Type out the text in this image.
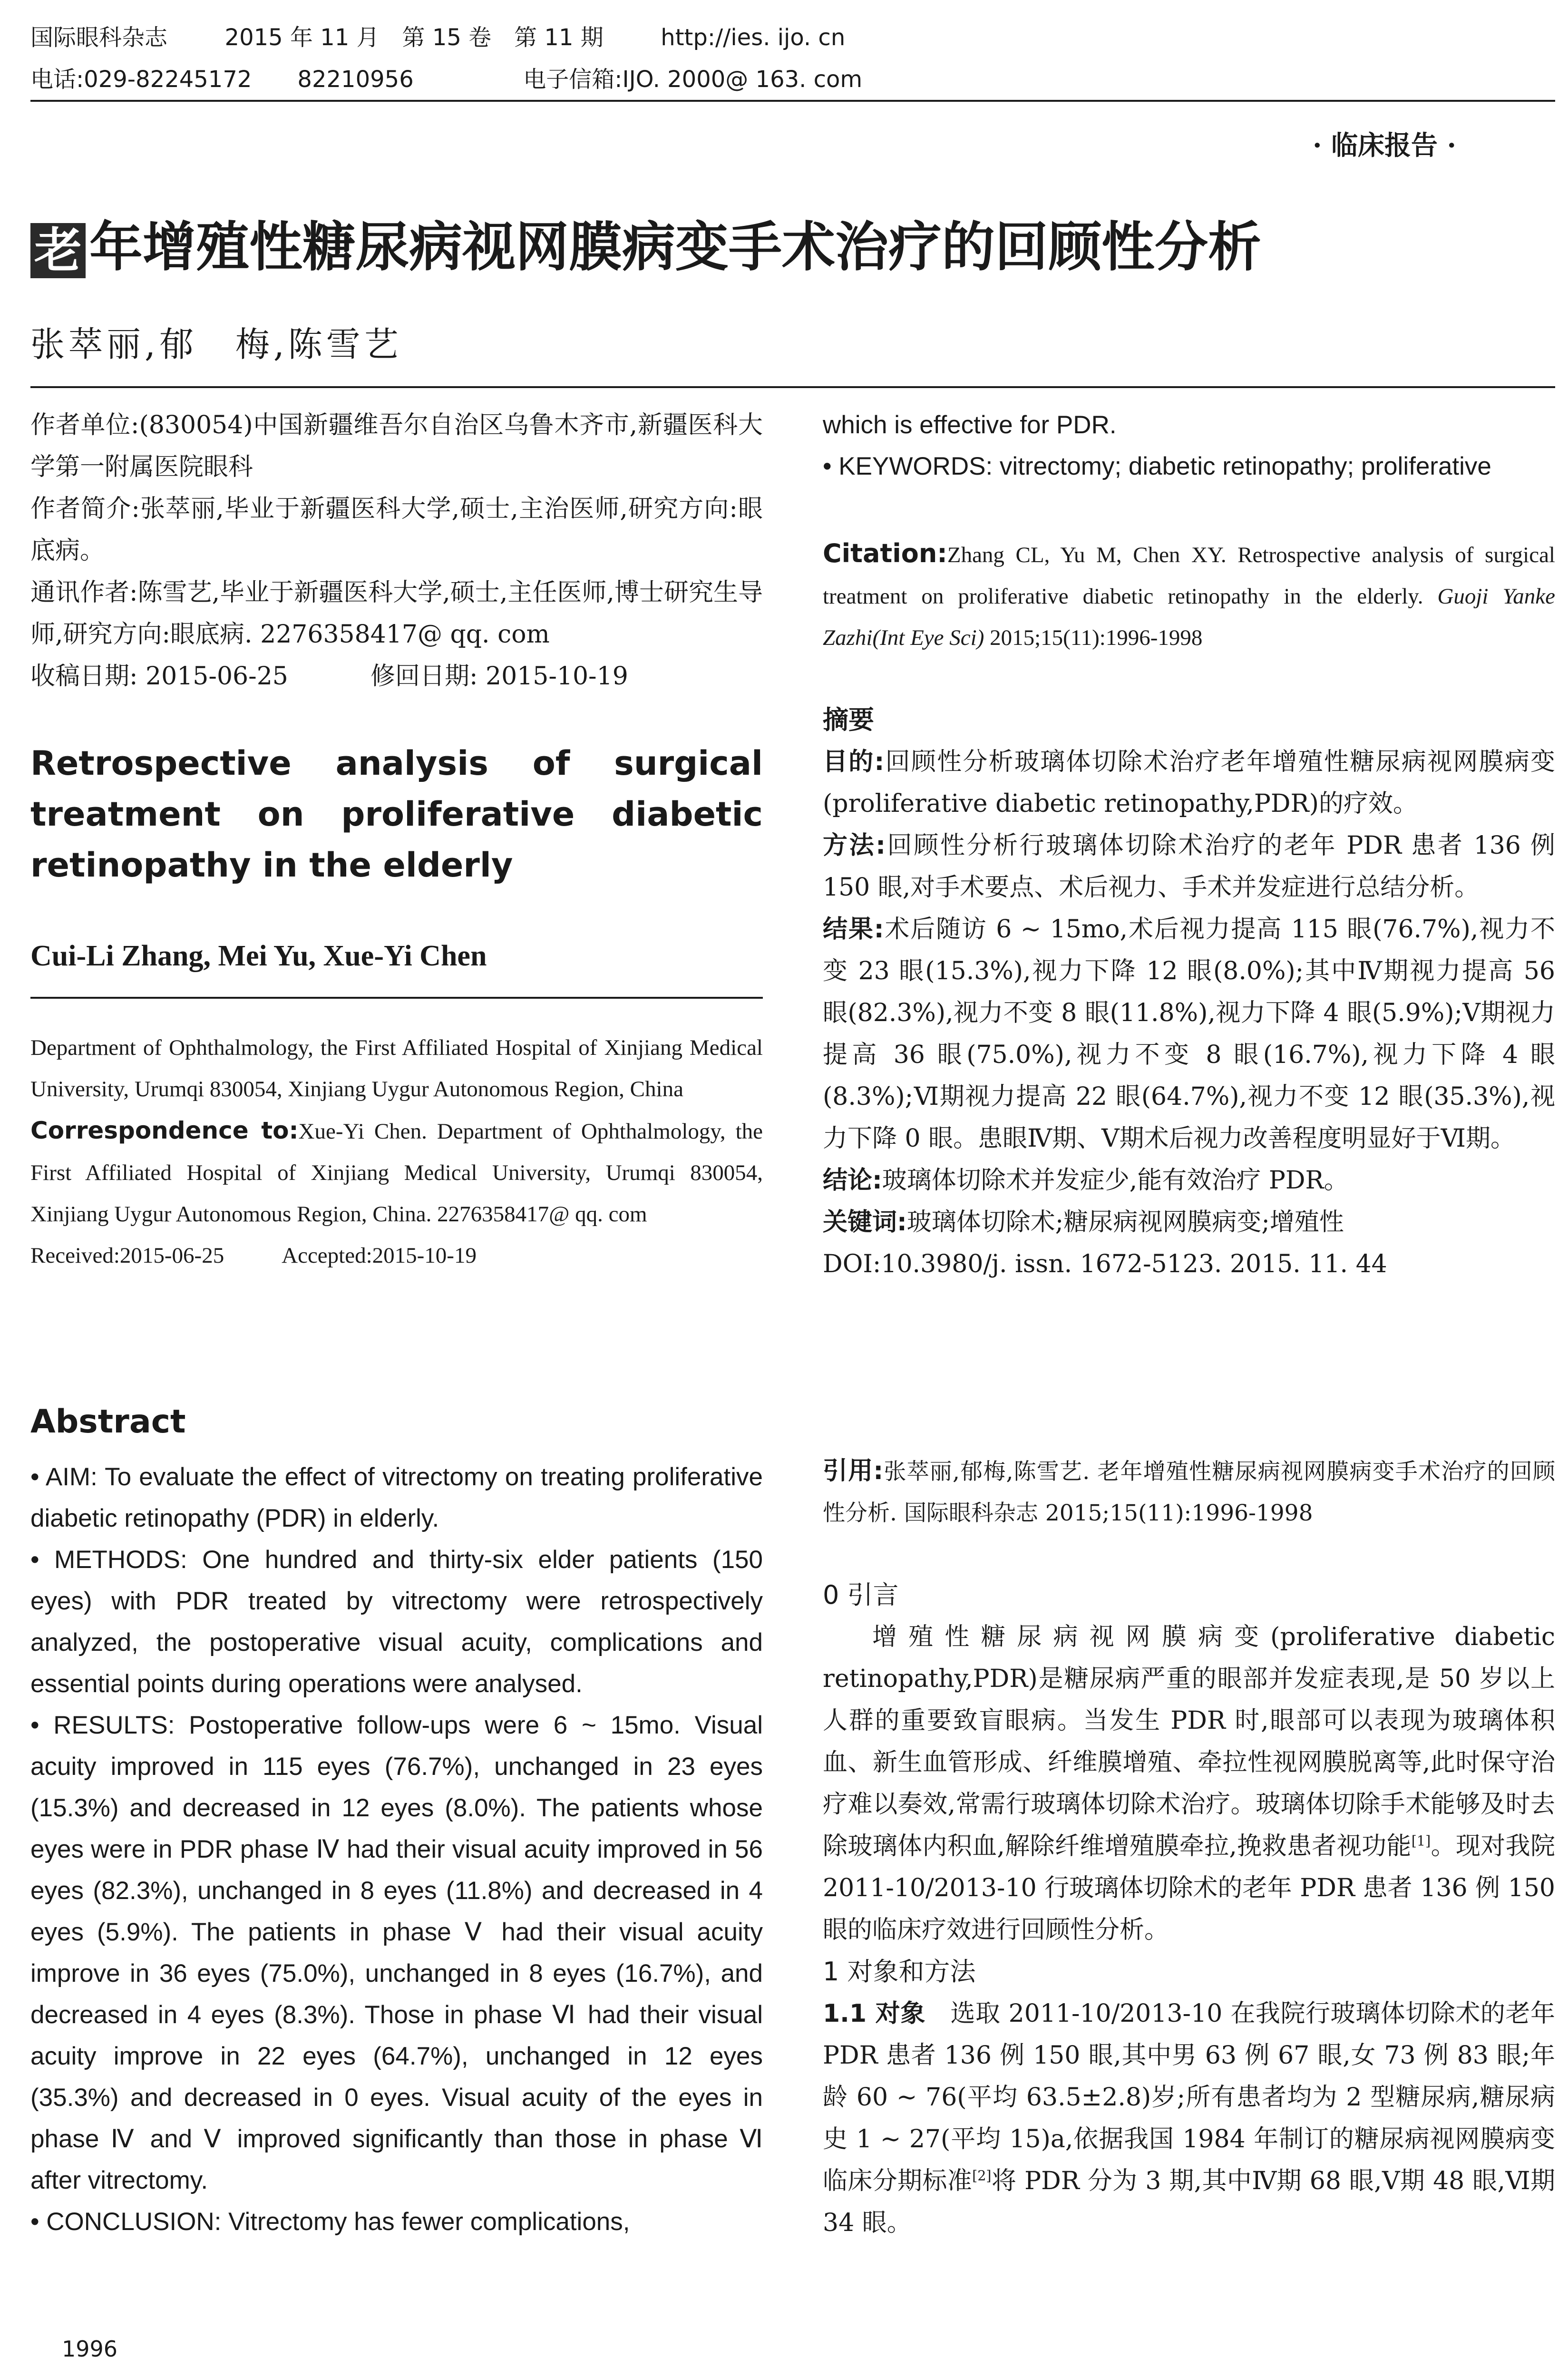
国际眼科杂志	2015 年 11 月　第 15 卷　第 11 期	http://ies. ijo. cn
电话:029-82245172　　82210956	电子信箱:IJO. 2000@ 163. com
· 临床报告 ·
老 年增殖性糖尿病视网膜病变手术治疗的回顾性分析
张萃丽,郁　梅,陈雪艺

作者单位:(830054)中国新疆维吾尔自治区乌鲁木齐市,新疆医科大学第一附属医院眼科

作者简介:张萃丽,毕业于新疆医科大学,硕士,主治医师,研究方向:眼底病。

通讯作者:陈雪艺,毕业于新疆医科大学,硕士,主任医师,博士研究生导师,研究方向:眼底病. 2276358417@ qq. com

收稿日期: 2015-06-25	修回日期: 2015-10-19

Retrospective analysis of surgical treatment on proliferative diabetic retinopathy in the elderly
Cui-Li Zhang, Mei Yu, Xue-Yi Chen

Department of Ophthalmology, the First Affiliated Hospital of Xinjiang Medical University, Urumqi 830054, Xinjiang Uygur Autonomous Region, China

Correspondence to:Xue-Yi Chen. Department of Ophthalmology, the First Affiliated Hospital of Xinjiang Medical University, Urumqi 830054, Xinjiang Uygur Autonomous Region, China. 2276358417@ qq. com

Received:2015-06-25	Accepted:2015-10-19

Abstract

• AIM: To evaluate the effect of vitrectomy on treating proliferative diabetic retinopathy (PDR) in elderly.

• METHODS: One hundred and thirty-six elder patients (150 eyes) with PDR treated by vitrectomy were retrospectively analyzed, the postoperative visual acuity, complications and essential points during operations were analysed.

• RESULTS: Postoperative follow-ups were 6 ~ 15mo. Visual acuity improved in 115 eyes (76.7%), unchanged in 23 eyes (15.3%) and decreased in 12 eyes (8.0%). The patients whose eyes were in PDR phase Ⅳ had their visual acuity improved in 56 eyes (82.3%), unchanged in 8 eyes (11.8%) and decreased in 4 eyes (5.9%). The patients in phase Ⅴ had their visual acuity improve in 36 eyes (75.0%), unchanged in 8 eyes (16.7%), and decreased in 4 eyes (8.3%). Those in phase Ⅵ had their visual acuity improve in 22 eyes (64.7%), unchanged in 12 eyes (35.3%) and decreased in 0 eyes. Visual acuity of the eyes in phase Ⅳ and Ⅴ improved significantly than those in phase Ⅵ after vitrectomy.

• CONCLUSION: Vitrectomy has fewer complications,

1996

which is effective for PDR.

• KEYWORDS: vitrectomy; diabetic retinopathy; proliferative

Citation:Zhang CL, Yu M, Chen XY. Retrospective analysis of surgical treatment on proliferative diabetic retinopathy in the elderly. Guoji Yanke Zazhi(Int Eye Sci) 2015;15(11):1996-1998

摘要

目的:回顾性分析玻璃体切除术治疗老年增殖性糖尿病视网膜病变(proliferative diabetic retinopathy,PDR)的疗效。

方法:回顾性分析行玻璃体切除术治疗的老年 PDR 患者 136 例 150 眼,对手术要点、术后视力、手术并发症进行总结分析。

结果:术后随访 6 ~ 15mo,术后视力提高 115 眼(76.7%),视力不变 23 眼(15.3%),视力下降 12 眼(8.0%);其中Ⅳ期视力提高 56 眼(82.3%),视力不变 8 眼(11.8%),视力下降 4 眼(5.9%);Ⅴ期视力提高 36 眼(75.0%),视力不变 8 眼(16.7%),视力下降 4 眼(8.3%);Ⅵ期视力提高 22 眼(64.7%),视力不变 12 眼(35.3%),视力下降 0 眼。患眼Ⅳ期、Ⅴ期术后视力改善程度明显好于Ⅵ期。

结论:玻璃体切除术并发症少,能有效治疗 PDR。

关键词:玻璃体切除术;糖尿病视网膜病变;增殖性

DOI:10.3980/j. issn. 1672-5123. 2015. 11. 44

引用:张萃丽,郁梅,陈雪艺. 老年增殖性糖尿病视网膜病变手术治疗的回顾性分析. 国际眼科杂志 2015;15(11):1996-1998

0 引言

增殖性糖尿病视网膜病变(proliferative diabetic retinopathy,PDR)是糖尿病严重的眼部并发症表现,是 50 岁以上人群的重要致盲眼病。当发生 PDR 时,眼部可以表现为玻璃体积血、新生血管形成、纤维膜增殖、牵拉性视网膜脱离等,此时保守治疗难以奏效,常需行玻璃体切除术治疗。玻璃体切除手术能够及时去除玻璃体内积血,解除纤维增殖膜牵拉,挽救患者视功能[1]。现对我院 2011-10/2013-10 行玻璃体切除术的老年 PDR 患者 136 例 150 眼的临床疗效进行回顾性分析。

1 对象和方法

1.1 对象　 选取 2011-10/2013-10 在我院行玻璃体切除术的老年 PDR 患者 136 例 150 眼,其中男 63 例 67 眼,女 73 例 83 眼;年龄 60 ~ 76(平均 63.5±2.8)岁;所有患者均为 2 型糖尿病,糖尿病史 1 ~ 27(平均 15)a,依据我国 1984 年制订的糖尿病视网膜病变临床分期标准[2]将 PDR 分为 3 期,其中Ⅳ期 68 眼,Ⅴ期 48 眼,Ⅵ期 34 眼。
